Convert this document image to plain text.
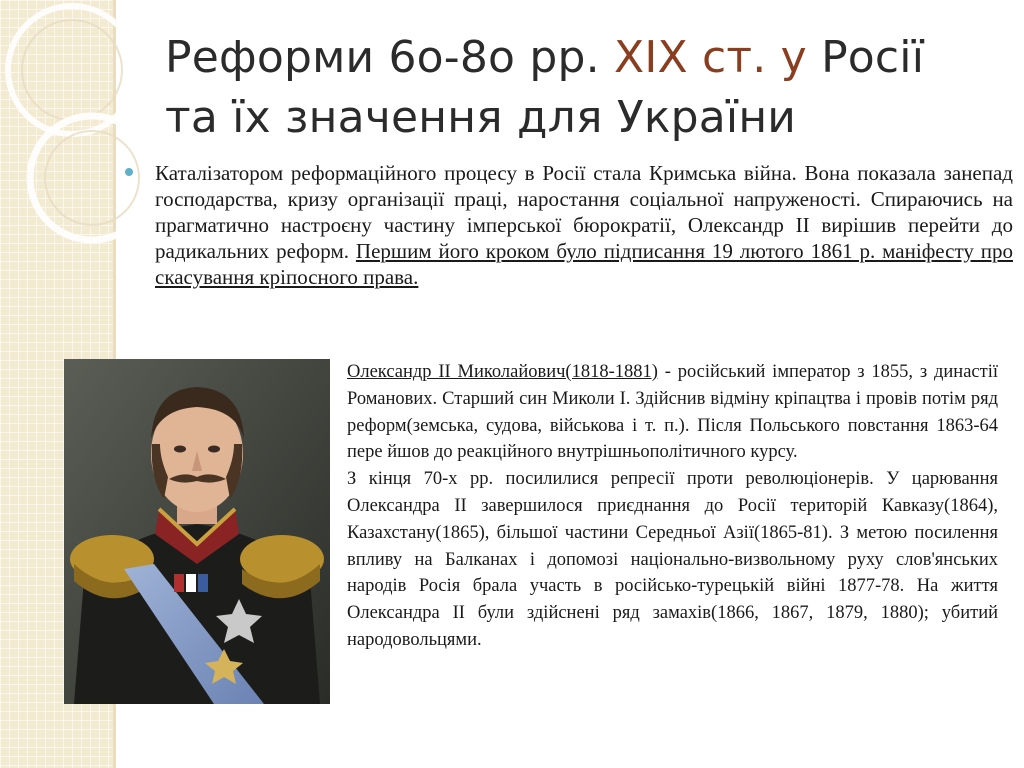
Реформи 6о-8о рр. XIX ст. у Росії
та їх значення для України
Каталізатором реформаційного процесу в Росії стала Кримська війна. Вона показала занепад господарства, кризу організації праці, наростання соціальної напруженості. Спираючись на прагматично настроєну частину імперської бюрократії, Олександр II вирішив перейти до радикальних реформ. Першим його кроком було підписання 19 лютого 1861 р. маніфесту про скасування кріпосного права.

Олександр II Миколайович(1818-1881) - російський імператор з 1855, з династії Романових. Старший син Миколи I. Здійснив відміну кріпацтва і провів потім ряд реформ(земська, судова, військова і т. п.). Після Польського повстання 1863-64 пере йшов до реакційного внутрішньополітичного курсу.

З кінця 70-х рр. посилилися репресії проти революціонерів. У царювання Олександра II завершилося приєднання до Росії територій Кавказу(1864), Казахстану(1865), більшої частини Середньої Азії(1865-81). З метою посилення впливу на Балканах і допомозі національно-визвольному руху слов'янських народів Росія брала участь в російсько-турецькій війні 1877-78. На життя Олександра II були здійснені ряд замахів(1866, 1867, 1879, 1880); убитий народовольцями.
